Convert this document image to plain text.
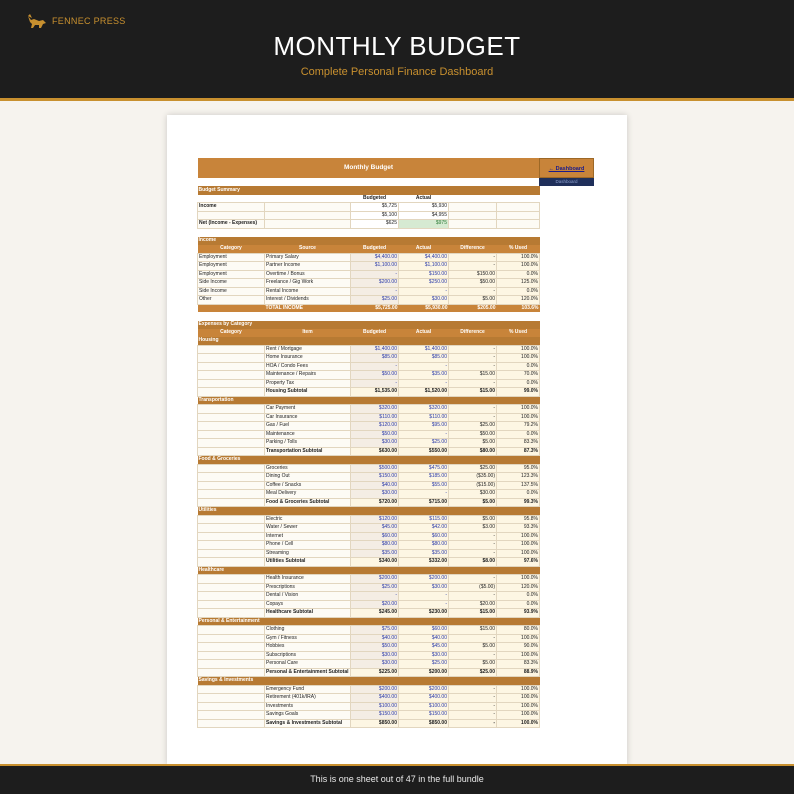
FENNEC PRESS
MONTHLY BUDGET
Complete Personal Finance Dashboard
Monthly Budget					

Budget Summary					
		Budgeted	Actual		
Income		$5,725	$5,930		
		$5,100	$4,955		
Net (Income - Expenses)		$625	$975		

Income					
Category	Source	Budgeted	Actual	Difference	% Used
Employment	Primary Salary	$4,400.00	$4,400.00	-	100.0%
Employment	Partner Income	$1,100.00	$1,100.00	-	100.0%
Employment	Overtime / Bonus	-	$150.00	$150.00	0.0%
Side Income	Freelance / Gig Work	$200.00	$250.00	$50.00	125.0%
Side Income	Rental Income	-	-	-	0.0%
Other	Interest / Dividends	$25.00	$30.00	$5.00	120.0%
	TOTAL INCOME	$5,725.00	$5,930.00	$205.00	103.6%

Expenses by Category					
Category	Item	Budgeted	Actual	Difference	% Used
Housing					
	Rent / Mortgage	$1,400.00	$1,400.00	-	100.0%
	Home Insurance	$85.00	$85.00	-	100.0%
	HOA / Condo Fees	-	-	-	0.0%
	Maintenance / Repairs	$50.00	$35.00	$15.00	70.0%
	Property Tax	-	-	-	0.0%
	Housing Subtotal	$1,535.00	$1,520.00	$15.00	99.0%
Transportation					
	Car Payment	$320.00	$320.00	-	100.0%
	Car Insurance	$110.00	$110.00	-	100.0%
	Gas / Fuel	$120.00	$95.00	$25.00	79.2%
	Maintenance	$50.00	-	$50.00	0.0%
	Parking / Tolls	$30.00	$25.00	$5.00	83.3%
	Transportation Subtotal	$630.00	$550.00	$80.00	87.3%
Food & Groceries					
	Groceries	$500.00	$475.00	$25.00	95.0%
	Dining Out	$150.00	$185.00	($35.00)	123.3%
	Coffee / Snacks	$40.00	$55.00	($15.00)	137.5%
	Meal Delivery	$30.00	-	$30.00	0.0%
	Food & Groceries Subtotal	$720.00	$715.00	$5.00	99.3%
Utilities					
	Electric	$120.00	$115.00	$5.00	95.8%
	Water / Sewer	$45.00	$42.00	$3.00	93.3%
	Internet	$60.00	$60.00	-	100.0%
	Phone / Cell	$80.00	$80.00	-	100.0%
	Streaming	$35.00	$35.00	-	100.0%
	Utilities Subtotal	$340.00	$332.00	$8.00	97.6%
Healthcare					
	Health Insurance	$200.00	$200.00	-	100.0%
	Prescriptions	$25.00	$30.00	($5.00)	120.0%
	Dental / Vision	-	-	-	0.0%
	Copays	$20.00	-	$20.00	0.0%
	Healthcare Subtotal	$245.00	$230.00	$15.00	93.9%
Personal & Entertainment					
	Clothing	$75.00	$60.00	$15.00	80.0%
	Gym / Fitness	$40.00	$40.00	-	100.0%
	Hobbies	$50.00	$45.00	$5.00	90.0%
	Subscriptions	$30.00	$30.00	-	100.0%
	Personal Care	$30.00	$25.00	$5.00	83.3%
	Personal & Entertainment Subtotal	$225.00	$200.00	$25.00	88.9%
Savings & Investments					
	Emergency Fund	$200.00	$200.00	-	100.0%
	Retirement (401k/IRA)	$400.00	$400.00	-	100.0%
	Investments	$100.00	$100.00	-	100.0%
	Savings Goals	$150.00	$150.00	-	100.0%
	Savings & Investments Subtotal	$850.00	$850.00	-	100.0%
← Dashboard
Dashboard
This is one sheet out of 47 in the full bundle
